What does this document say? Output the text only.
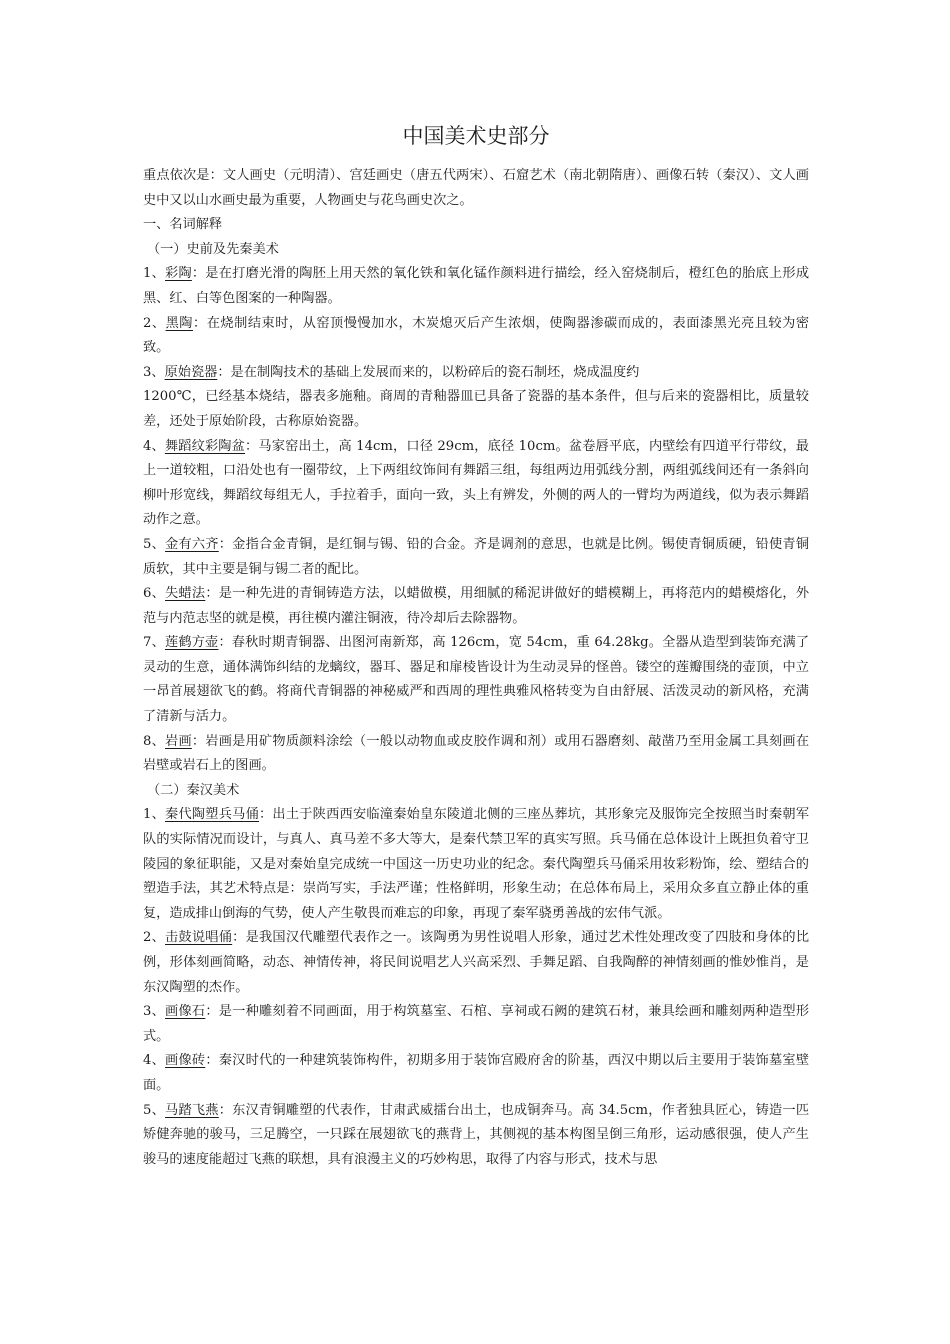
中国美术史部分

重点依次是：文人画史（元明清）、宫廷画史（唐五代两宋）、石窟艺术（南北朝隋唐）、画像石转（秦汉）、文人画史中又以山水画史最为重要，人物画史与花鸟画史次之。

一、名词解释

（一）史前及先秦美术

1、彩陶：是在打磨光滑的陶胚上用天然的氧化铁和氧化锰作颜料进行描绘，经入窑烧制后，橙红色的胎底上形成黑、红、白等色图案的一种陶器。

2、黑陶：在烧制结束时，从窑顶慢慢加水，木炭熄灭后产生浓烟，使陶器渗碳而成的，表面漆黑光亮且较为密致。

3、原始瓷器：是在制陶技术的基础上发展而来的，以粉碎后的瓷石制坯，烧成温度约

1200℃，已经基本烧结，器表多施釉。商周的青釉器皿已具备了瓷器的基本条件，但与后来的瓷器相比，质量较差，还处于原始阶段，古称原始瓷器。

4、舞蹈纹彩陶盆：马家窑出土，高 14cm，口径 29cm，底径 10cm。盆卷唇平底，内壁绘有四道平行带纹，最上一道较粗，口沿处也有一圈带纹，上下两组纹饰间有舞蹈三组，每组两边用弧线分割，两组弧线间还有一条斜向柳叶形宽线，舞蹈纹每组无人，手拉着手，面向一致，头上有辨发，外侧的两人的一臂均为两道线，似为表示舞蹈动作之意。

5、金有六齐：金指合金青铜，是红铜与锡、铅的合金。齐是调剂的意思，也就是比例。锡使青铜质硬，铅使青铜质软，其中主要是铜与锡二者的配比。

6、失蜡法：是一种先进的青铜铸造方法，以蜡做模，用细腻的稀泥讲做好的蜡模糊上，再将范内的蜡模熔化，外范与内范志坚的就是模，再往模内灌注铜液，待冷却后去除器物。

7、莲鹤方壶：春秋时期青铜器、出图河南新郑，高 126cm，宽 54cm，重 64.28kg。全器从造型到装饰充满了灵动的生意，通体满饰纠结的龙螭纹，器耳、器足和扉棱皆设计为生动灵异的怪兽。镂空的莲瓣围绕的壶顶，中立一昂首展翅欲飞的鹤。将商代青铜器的神秘威严和西周的理性典雅风格转变为自由舒展、活泼灵动的新风格，充满了清新与活力。

8、岩画：岩画是用矿物质颜料涂绘（一般以动物血或皮胶作调和剂）或用石器磨刻、敲凿乃至用金属工具刻画在岩壁或岩石上的图画。

（二）秦汉美术

1、秦代陶塑兵马俑：出土于陕西西安临潼秦始皇东陵道北侧的三座丛葬坑，其形象完及服饰完全按照当时秦朝军队的实际情况而设计，与真人、真马差不多大等大，是秦代禁卫军的真实写照。兵马俑在总体设计上既担负着守卫陵园的象征职能，又是对秦始皇完成统一中国这一历史功业的纪念。秦代陶塑兵马俑采用妆彩粉饰，绘、塑结合的塑造手法，其艺术特点是：崇尚写实，手法严谨；性格鲜明，形象生动；在总体布局上，采用众多直立静止体的重复，造成排山倒海的气势，使人产生敬畏而难忘的印象，再现了秦军骁勇善战的宏伟气派。

2、击鼓说唱俑：是我国汉代雕塑代表作之一。该陶勇为男性说唱人形象，通过艺术性处理改变了四肢和身体的比例，形体刻画简略，动态、神情传神，将民间说唱艺人兴高采烈、手舞足蹈、自我陶醉的神情刻画的惟妙惟肖，是东汉陶塑的杰作。

3、画像石：是一种雕刻着不同画面，用于构筑墓室、石棺、享祠或石阙的建筑石材，兼具绘画和雕刻两种造型形式。

4、画像砖：秦汉时代的一种建筑装饰构件，初期多用于装饰宫殿府舍的阶基，西汉中期以后主要用于装饰墓室壁面。

5、马踏飞燕：东汉青铜雕塑的代表作，甘肃武威擂台出土，也成铜奔马。高 34.5cm，作者独具匠心，铸造一匹矫健奔驰的骏马，三足腾空，一只踩在展翅欲飞的燕背上，其侧视的基本构图呈倒三角形，运动感很强，使人产生骏马的速度能超过飞燕的联想，具有浪漫主义的巧妙构思，取得了内容与形式，技术与思
